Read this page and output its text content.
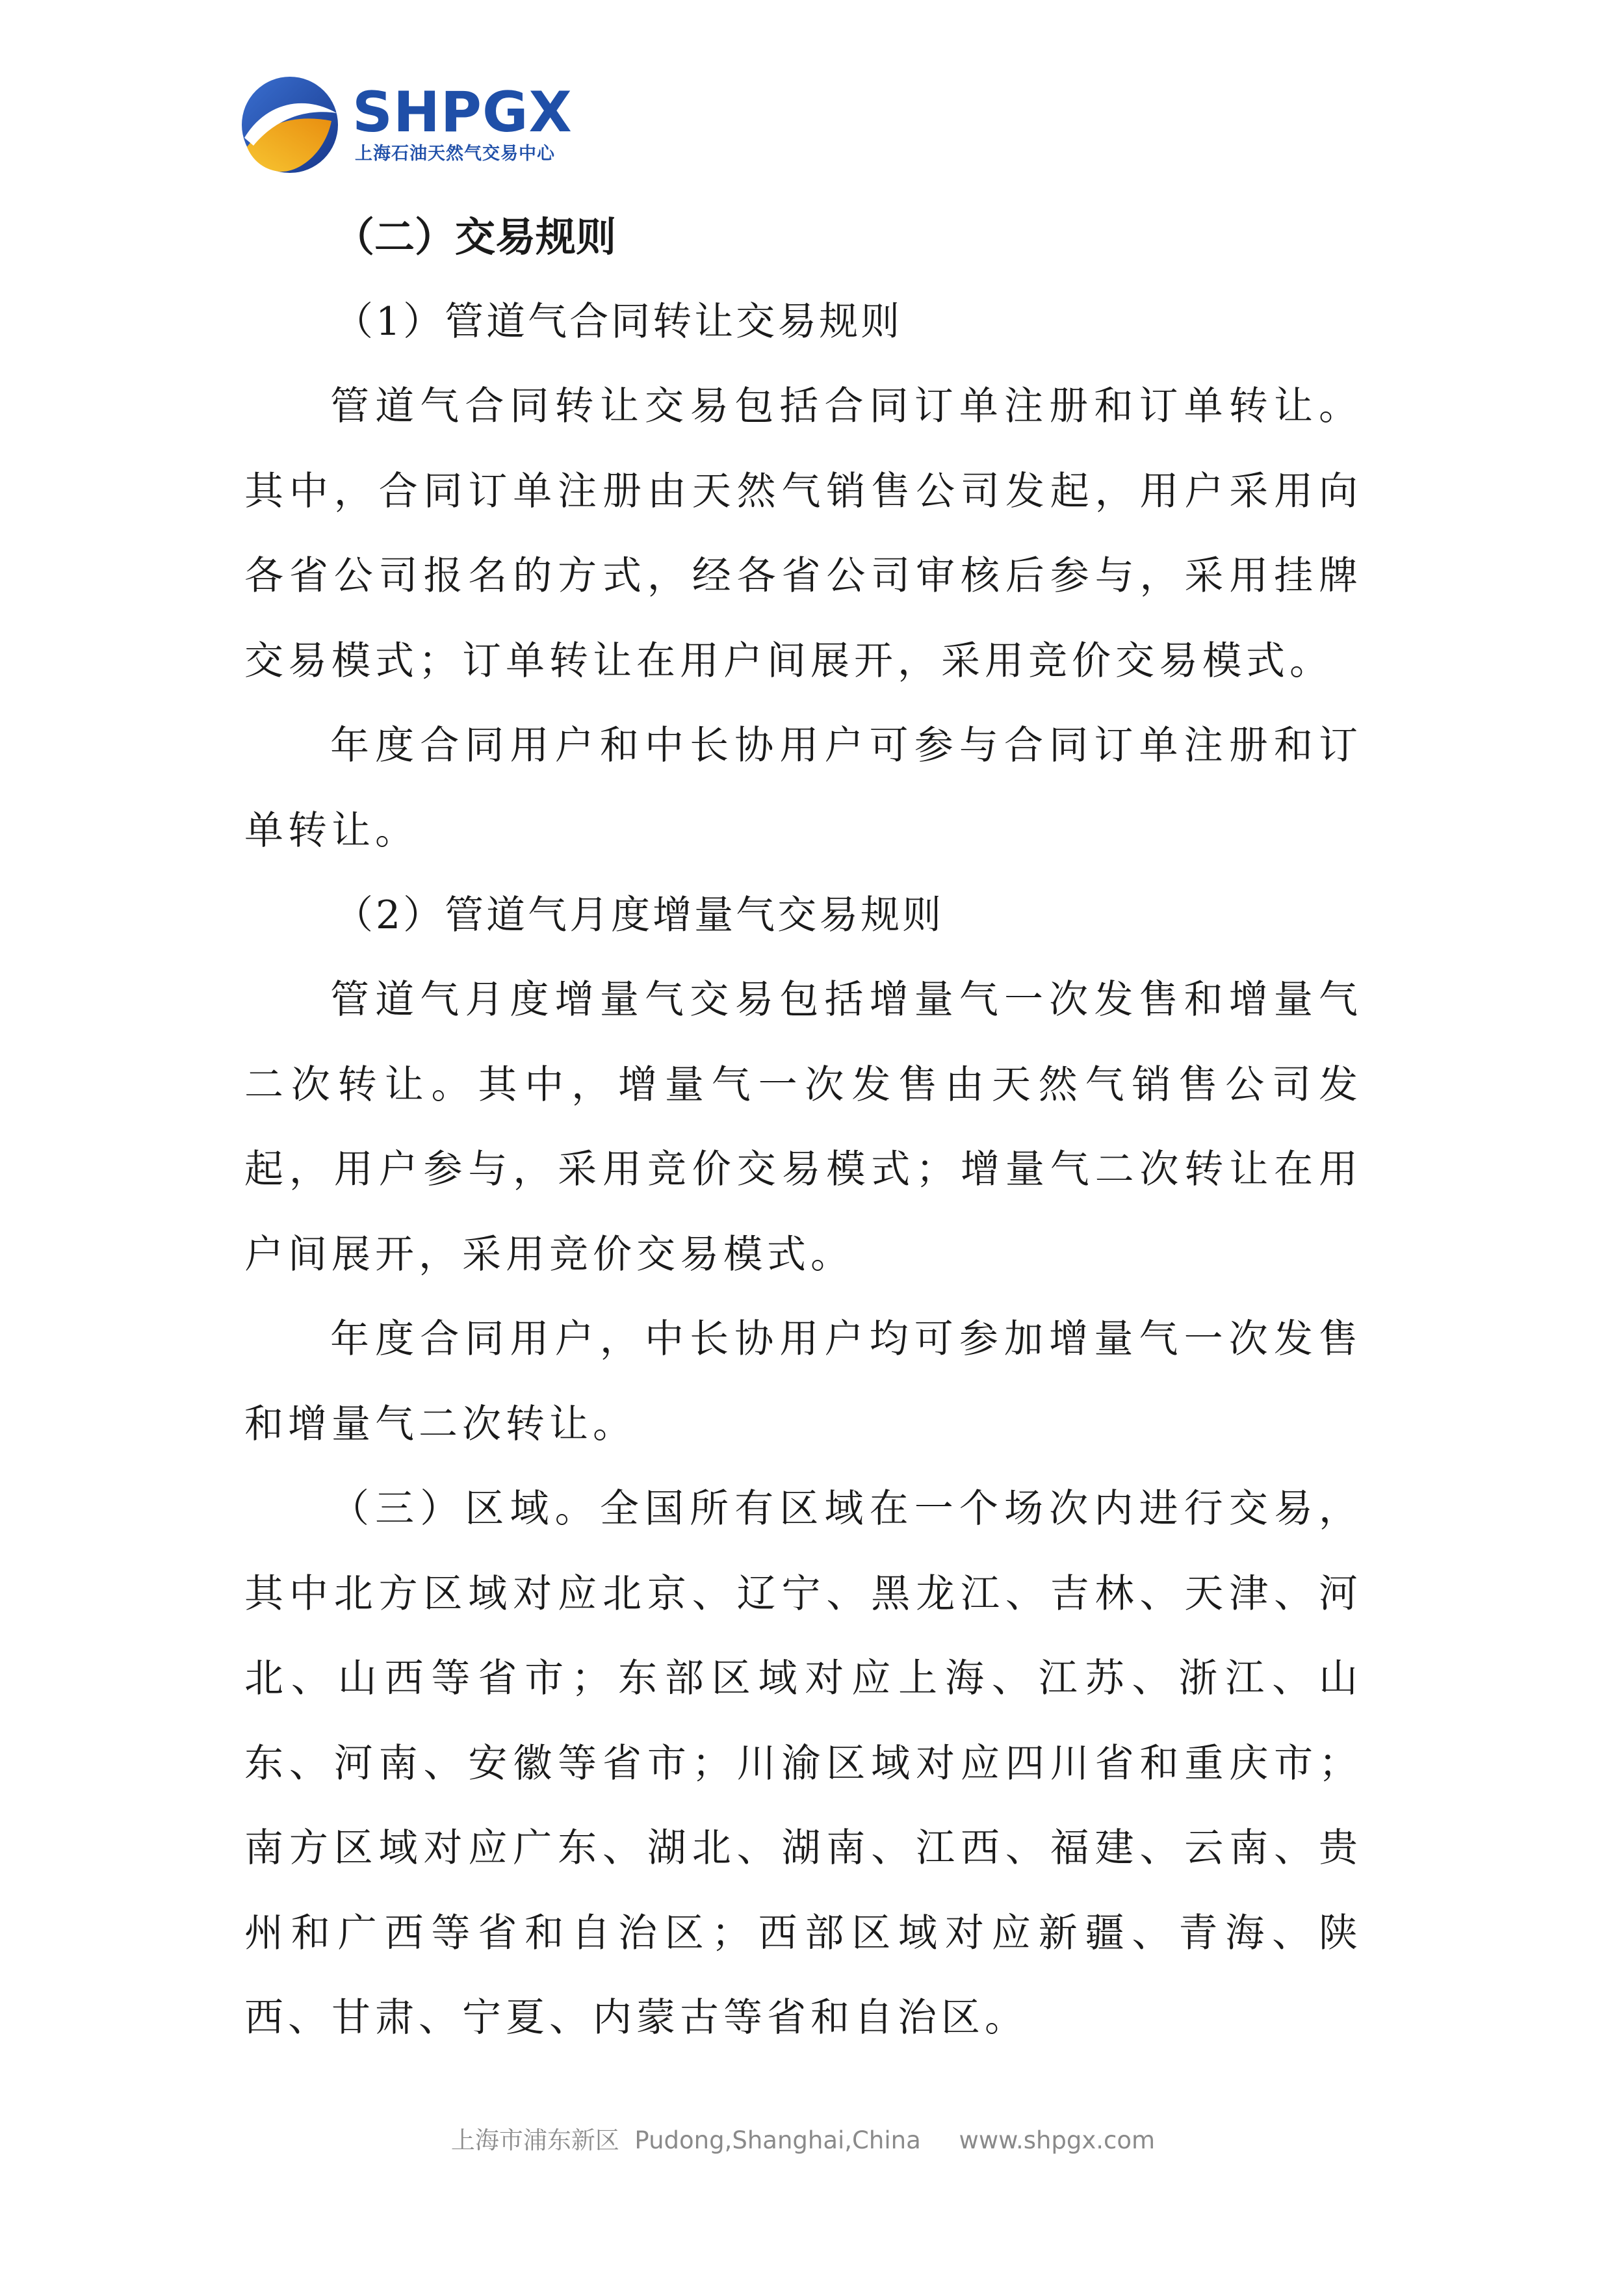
SHPGX
上海石油天然气交易中心
（二）交易规则
（1）管道气合同转让交易规则

管道气合同转让交易包括合同订单注册和订单转让。其中，合同订单注册由天然气销售公司发起，用户采用向各省公司报名的方式，经各省公司审核后参与，采用挂牌交易模式；订单转让在用户间展开，采用竞价交易模式。

年度合同用户和中长协用户可参与合同订单注册和订单转让。

（2）管道气月度增量气交易规则

管道气月度增量气交易包括增量气一次发售和增量气二次转让。其中，增量气一次发售由天然气销售公司发起，用户参与，采用竞价交易模式；增量气二次转让在用户间展开，采用竞价交易模式。

年度合同用户，中长协用户均可参加增量气一次发售和增量气二次转让。

（三）区域。全国所有区域在一个场次内进行交易，其中北方区域对应北京、辽宁、黑龙江、吉林、天津、河北、山西等省市；东部区域对应上海、江苏、浙江、山东、河南、安徽等省市；川渝区域对应四川省和重庆市；南方区域对应广东、湖北、湖南、江西、福建、云南、贵州和广西等省和自治区；西部区域对应新疆、青海、陕西、甘肃、宁夏、内蒙古等省和自治区。

上海市浦东新区  Pudong,Shanghai,China     www.shpgx.com
